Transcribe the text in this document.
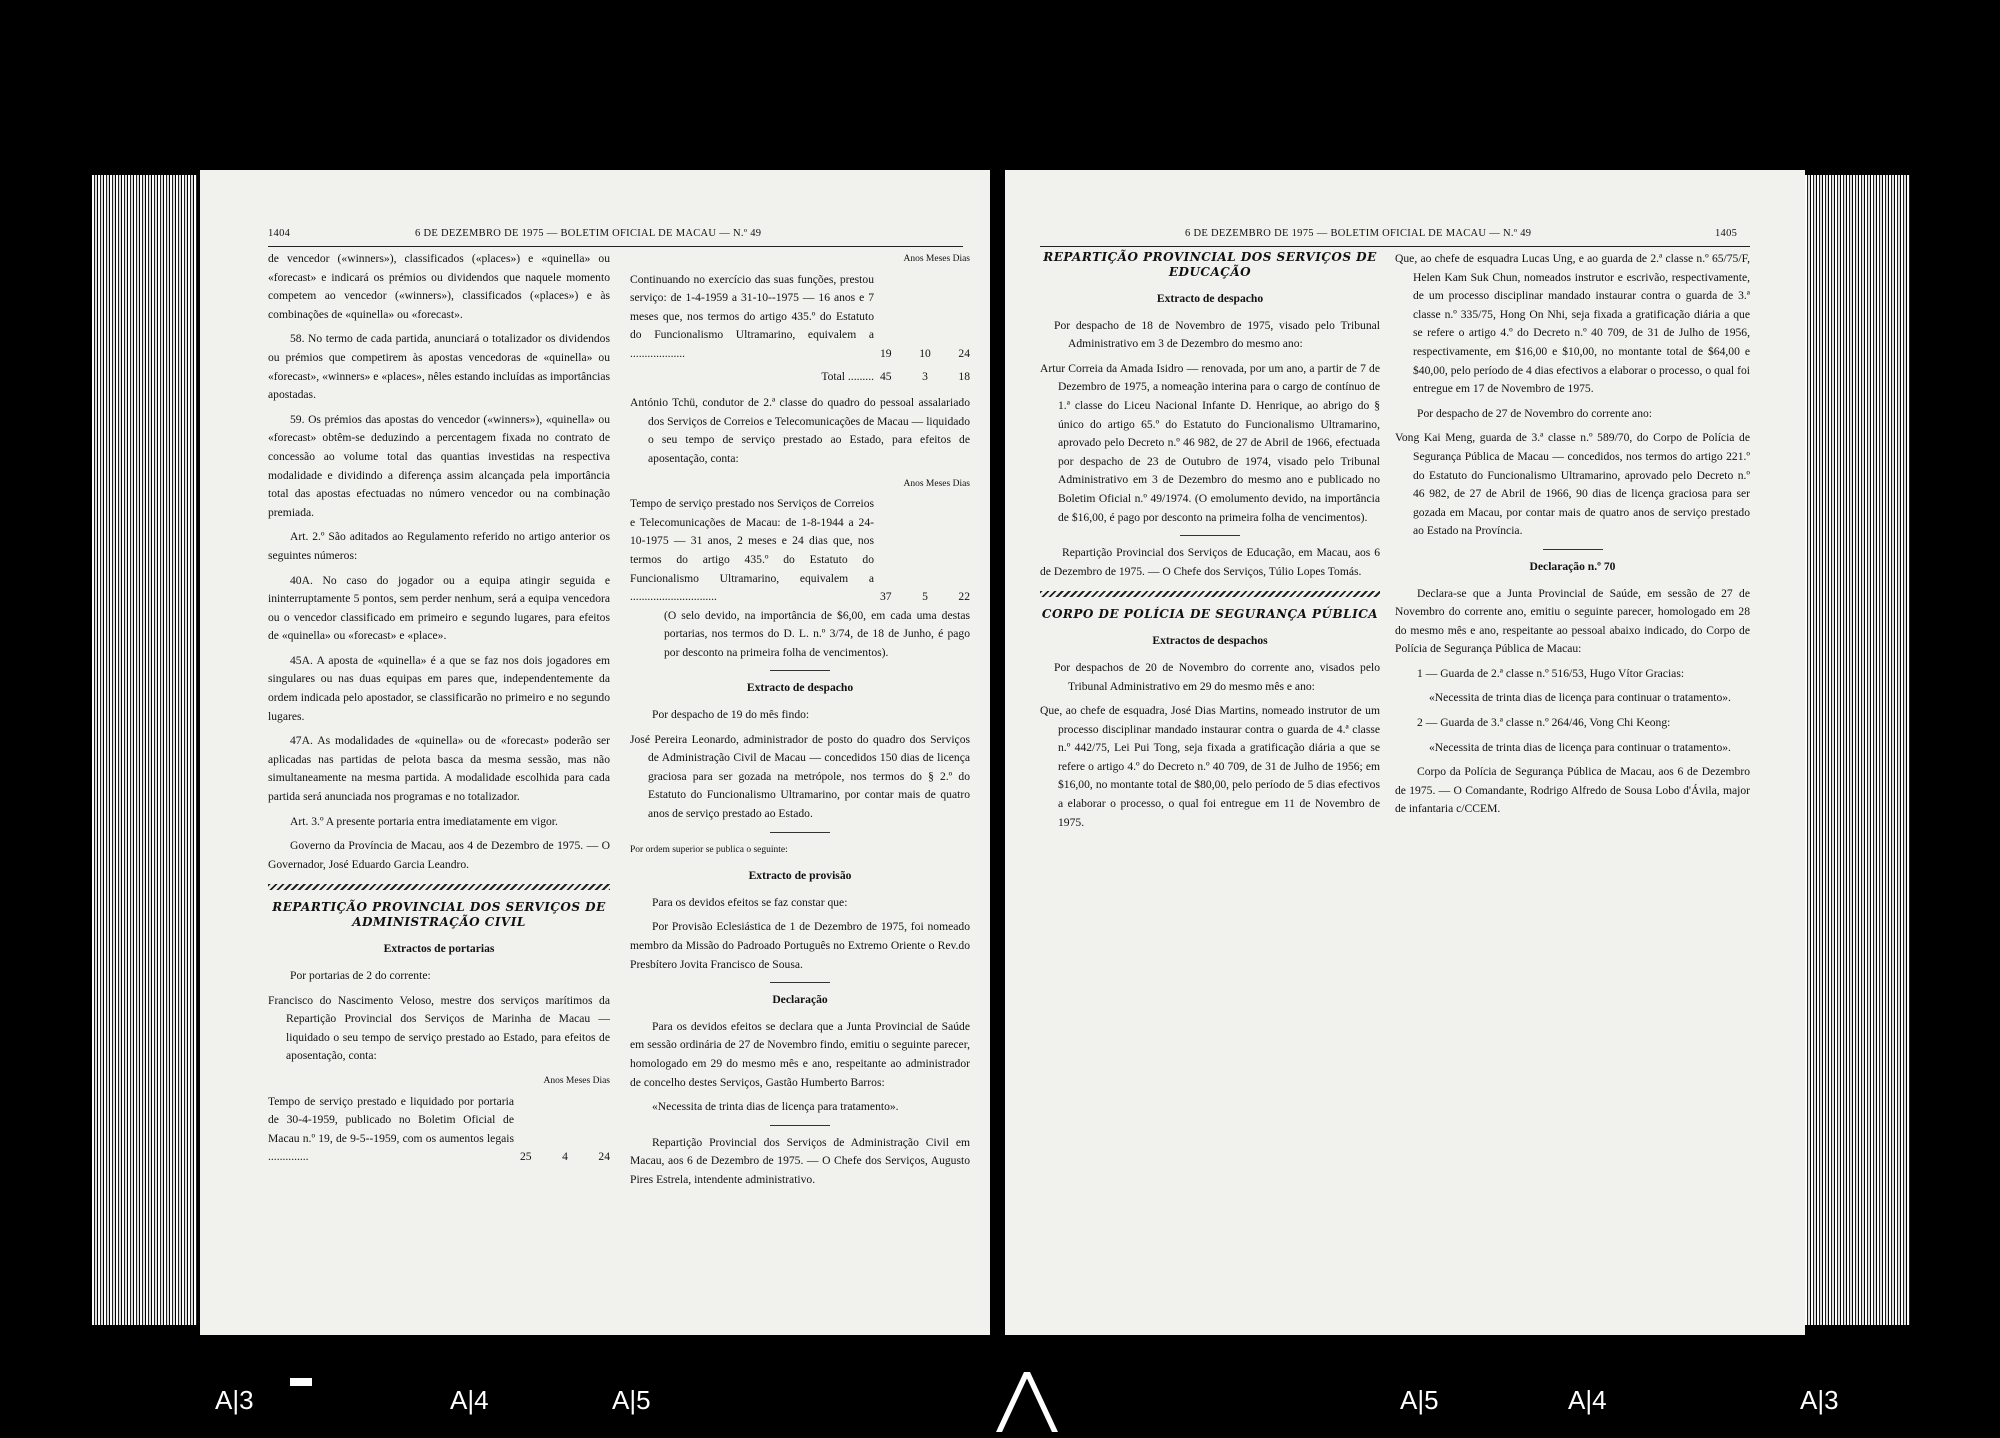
1404	6 DE DEZEMBRO DE 1975 — BOLETIM OFICIAL DE MACAU — N.º 49

de vencedor («winners»), classificados («places») e «quinella» ou «forecast» e indicará os prémios ou dividendos que naquele momento competem ao vencedor («winners»), classificados («places») e às combinações de «quinella» ou «forecast».

58. No termo de cada partida, anunciará o totalizador os dividendos ou prémios que competirem às apostas vencedoras de «quinella» ou «forecast», «winners» e «places», nêles estando incluídas as importâncias apostadas.

59. Os prémios das apostas do vencedor («winners»), «quinella» ou «forecast» obtêm-se deduzindo a percentagem fixada no contrato de concessão ao volume total das quantias investidas na respectiva modalidade e dividindo a diferença assim alcançada pela importância total das apostas efectuadas no número vencedor ou na combinação premiada.

Art. 2.º São aditados ao Regulamento referido no artigo anterior os seguintes números:

40A. No caso do jogador ou a equipa atingir seguida e ininterruptamente 5 pontos, sem perder nenhum, será a equipa vencedora ou o vencedor classificado em primeiro e segundo lugares, para efeitos de «quinella» ou «forecast» e «place».

45A. A aposta de «quinella» é a que se faz nos dois jogadores em singulares ou nas duas equipas em pares que, independentemente da ordem indicada pelo apostador, se classificarão no primeiro e no segundo lugares.

47A. As modalidades de «quinella» ou de «forecast» poderão ser aplicadas nas partidas de pelota basca da mesma sessão, mas não simultaneamente na mesma partida. A modalidade escolhida para cada partida será anunciada nos programas e no totalizador.

Art. 3.º A presente portaria entra imediatamente em vigor.

Governo da Província de Macau, aos 4 de Dezembro de 1975. — O Governador, José Eduardo Garcia Leandro.

REPARTIÇÃO PROVINCIAL DOS SERVIÇOS DE ADMINISTRAÇÃO CIVIL
Extractos de portarias

Por portarias de 2 do corrente:

Francisco do Nascimento Veloso, mestre dos serviços marítimos da Repartição Provincial dos Serviços de Marinha de Macau — liquidado o seu tempo de serviço prestado ao Estado, para efeitos de aposentação, conta:

Anos Meses Dias
Tempo de serviço prestado e liquidado por portaria de 30-4-1959, publicado no Boletim Oficial de Macau n.º 19, de 9-5--1959, com os aumentos legais ..............	25	4	24
Anos Meses Dias
Continuando no exercício das suas funções, prestou serviço: de 1-4-1959 a 31-10--1975 — 16 anos e 7 meses que, nos termos do artigo 435.º do Estatuto do Funcionalismo Ultramarino, equivalem a ...................	19 10 24
Total ......... 45	3	18

António Tchü, condutor de 2.ª classe do quadro do pessoal assalariado dos Serviços de Correios e Telecomunicações de Macau — liquidado o seu tempo de serviço prestado ao Estado, para efeitos de aposentação, conta:

Anos Meses Dias
Tempo de serviço prestado nos Serviços de Correios e Telecomunicações de Macau: de 1-8-1944 a 24-10-1975 — 31 anos, 2 meses e 24 dias que, nos termos do artigo 435.º do Estatuto do Funcionalismo Ultramarino, equivalem a ..............................	37	5	22

(O selo devido, na importância de $6,00, em cada uma destas portarias, nos termos do D. L. n.º 3/74, de 18 de Junho, é pago por desconto na primeira folha de vencimentos).

Extracto de despacho

Por despacho de 19 do mês findo:

José Pereira Leonardo, administrador de posto do quadro dos Serviços de Administração Civil de Macau — concedidos 150 dias de licença graciosa para ser gozada na metrópole, nos termos do § 2.º do Estatuto do Funcionalismo Ultramarino, por contar mais de quatro anos de serviço prestado ao Estado.

Por ordem superior se publica o seguinte:

Extracto de provisão

Para os devidos efeitos se faz constar que:

Por Provisão Eclesiástica de 1 de Dezembro de 1975, foi nomeado membro da Missão do Padroado Português no Extremo Oriente o Rev.do Presbítero Jovita Francisco de Sousa.

Declaração

Para os devidos efeitos se declara que a Junta Provincial de Saúde em sessão ordinária de 27 de Novembro findo, emitiu o seguinte parecer, homologado em 29 do mesmo mês e ano, respeitante ao administrador de concelho destes Serviços, Gastão Humberto Barros:

«Necessita de trinta dias de licença para tratamento».

Repartição Provincial dos Serviços de Administração Civil em Macau, aos 6 de Dezembro de 1975. — O Chefe dos Serviços, Augusto Pires Estrela, intendente administrativo.

6 DE DEZEMBRO DE 1975 — BOLETIM OFICIAL DE MACAU — N.º 49	1405
REPARTIÇÃO PROVINCIAL DOS SERVIÇOS DE EDUCAÇÃO
Extracto de despacho

Por despacho de 18 de Novembro de 1975, visado pelo Tribunal Administrativo em 3 de Dezembro do mesmo ano:

Artur Correia da Amada Isidro — renovada, por um ano, a partir de 7 de Dezembro de 1975, a nomeação interina para o cargo de contínuo de 1.ª classe do Liceu Nacional Infante D. Henrique, ao abrigo do § único do artigo 65.º do Estatuto do Funcionalismo Ultramarino, aprovado pelo Decreto n.º 46 982, de 27 de Abril de 1966, efectuada por despacho de 23 de Outubro de 1974, visado pelo Tribunal Administrativo em 3 de Dezembro do mesmo ano e publicado no Boletim Oficial n.º 49/1974. (O emolumento devido, na importância de $16,00, é pago por desconto na primeira folha de vencimentos).

Repartição Provincial dos Serviços de Educação, em Macau, aos 6 de Dezembro de 1975. — O Chefe dos Serviços, Túlio Lopes Tomás.

CORPO DE POLÍCIA DE SEGURANÇA PÚBLICA
Extractos de despachos

Por despachos de 20 de Novembro do corrente ano, visados pelo Tribunal Administrativo em 29 do mesmo mês e ano:

Que, ao chefe de esquadra, José Dias Martins, nomeado instrutor de um processo disciplinar mandado instaurar contra o guarda de 4.ª classe n.º 442/75, Lei Pui Tong, seja fixada a gratificação diária a que se refere o artigo 4.º do Decreto n.º 40 709, de 31 de Julho de 1956; em $16,00, no montante total de $80,00, pelo período de 5 dias efectivos a elaborar o processo, o qual foi entregue em 11 de Novembro de 1975.

Que, ao chefe de esquadra Lucas Ung, e ao guarda de 2.ª classe n.º 65/75/F, Helen Kam Suk Chun, nomeados instrutor e escrivão, respectivamente, de um processo disciplinar mandado instaurar contra o guarda de 3.ª classe n.º 335/75, Hong On Nhi, seja fixada a gratificação diária a que se refere o artigo 4.º do Decreto n.º 40 709, de 31 de Julho de 1956, respectivamente, em $16,00 e $10,00, no montante total de $64,00 e $40,00, pelo período de 4 dias efectivos a elaborar o processo, o qual foi entregue em 17 de Novembro de 1975.

Por despacho de 27 de Novembro do corrente ano:

Vong Kai Meng, guarda de 3.ª classe n.º 589/70, do Corpo de Polícia de Segurança Pública de Macau — concedidos, nos termos do artigo 221.º do Estatuto do Funcionalismo Ultramarino, aprovado pelo Decreto n.º 46 982, de 27 de Abril de 1966, 90 dias de licença graciosa para ser gozada em Macau, por contar mais de quatro anos de serviço prestado ao Estado na Província.

Declaração n.º 70

Declara-se que a Junta Provincial de Saúde, em sessão de 27 de Novembro do corrente ano, emitiu o seguinte parecer, homologado em 28 do mesmo mês e ano, respeitante ao pessoal abaixo indicado, do Corpo de Polícia de Segurança Pública de Macau:

1 — Guarda de 2.ª classe n.º 516/53, Hugo Vítor Gracias:

«Necessita de trinta dias de licença para continuar o tratamento».

2 — Guarda de 3.ª classe n.º 264/46, Vong Chi Keong:

«Necessita de trinta dias de licença para continuar o tratamento».

Corpo da Polícia de Segurança Pública de Macau, aos 6 de Dezembro de 1975. — O Comandante, Rodrigo Alfredo de Sousa Lobo d'Ávila, major de infantaria c/CCEM.

A|3	A|4	A|5	A|5	A|4	A|3
